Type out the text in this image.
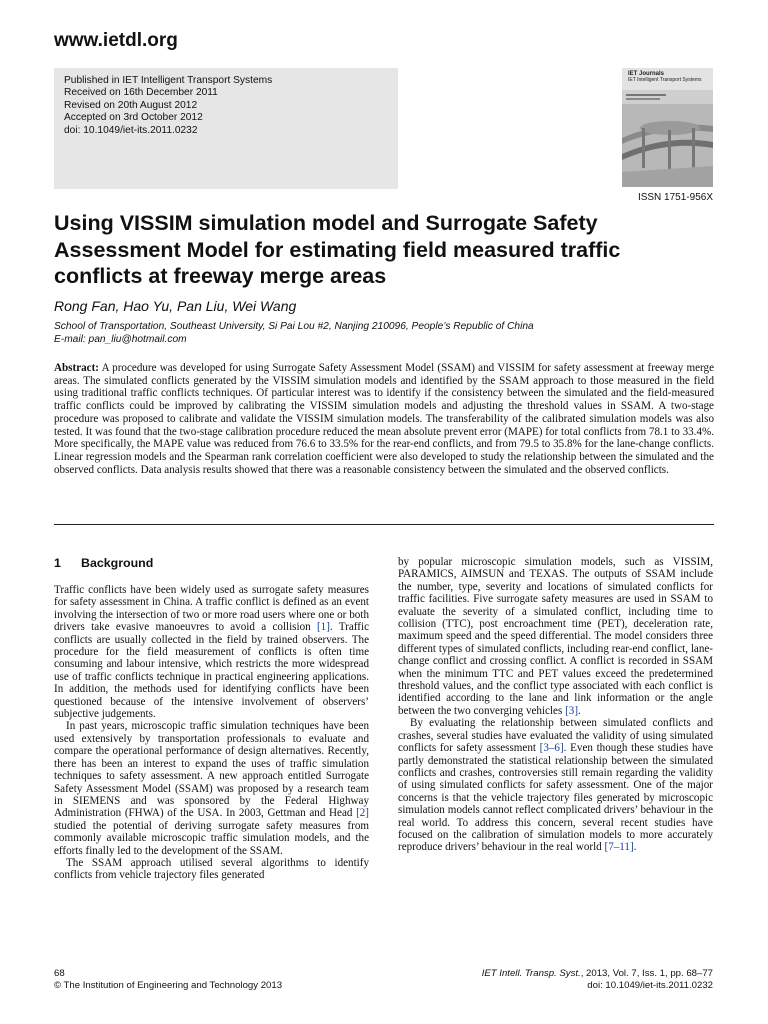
www.ietdl.org
Published in IET Intelligent Transport Systems
Received on 16th December 2011
Revised on 20th August 2012
Accepted on 3rd October 2012
doi: 10.1049/iet-its.2011.0232
IET Journals
IET Intelligent Transport Systems
ISSN 1751-956X
Using VISSIM simulation model and Surrogate Safety Assessment Model for estimating field measured traffic conflicts at freeway merge areas
Rong Fan, Hao Yu, Pan Liu, Wei Wang
School of Transportation, Southeast University, Si Pai Lou #2, Nanjing 210096, People’s Republic of China
E-mail: pan_liu@hotmail.com

Abstract: A procedure was developed for using Surrogate Safety Assessment Model (SSAM) and VISSIM for safety assessment at freeway merge areas. The simulated conflicts generated by the VISSIM simulation models and identified by the SSAM approach to those measured in the field using traditional traffic conflicts techniques. Of particular interest was to identify if the consistency between the simulated and the field-measured traffic conflicts could be improved by calibrating the VISSIM simulation models and adjusting the threshold values in SSAM. A two-stage procedure was proposed to calibrate and validate the VISSIM simulation models. The transferability of the calibrated simulation models was also tested. It was found that the two-stage calibration procedure reduced the mean absolute prevent error (MAPE) for total conflicts from 78.1 to 33.4%. More specifically, the MAPE value was reduced from 76.6 to 33.5% for the rear-end conflicts, and from 79.5 to 35.8% for the lane-change conflicts. Linear regression models and the Spearman rank correlation coefficient were also developed to study the relationship between the simulated and the observed conflicts. Data analysis results showed that there was a reasonable consistency between the simulated and the observed conflicts.

1 Background

Traffic conflicts have been widely used as surrogate safety measures for safety assessment in China. A traffic conflict is defined as an event involving the intersection of two or more road users where one or both drivers take evasive manoeuvres to avoid a collision [1]. Traffic conflicts are usually collected in the field by trained observers. The procedure for the field measurement of conflicts is often time consuming and labour intensive, which restricts the more widespread use of traffic conflicts technique in practical engineering applications. In addition, the methods used for identifying conflicts have been questioned because of the intensive involvement of observers’ subjective judgements.

In past years, microscopic traffic simulation techniques have been used extensively by transportation professionals to evaluate and compare the operational performance of design alternatives. Recently, there has been an interest to expand the uses of traffic simulation techniques to safety assessment. A new approach entitled Surrogate Safety Assessment Model (SSAM) was proposed by a research team in SIEMENS and was sponsored by the Federal Highway Administration (FHWA) of the USA. In 2003, Gettman and Head [2] studied the potential of deriving surrogate safety measures from commonly available microscopic traffic simulation models, and the efforts finally led to the development of the SSAM.

The SSAM approach utilised several algorithms to identify conflicts from vehicle trajectory files generated

by popular microscopic simulation models, such as VISSIM, PARAMICS, AIMSUN and TEXAS. The outputs of SSAM include the number, type, severity and locations of simulated conflicts for traffic facilities. Five surrogate safety measures are used in SSAM to evaluate the severity of a simulated conflict, including time to collision (TTC), post encroachment time (PET), deceleration rate, maximum speed and the speed differential. The model considers three different types of simulated conflicts, including rear-end conflict, lane-change conflict and crossing conflict. A conflict is recorded in SSAM when the minimum TTC and PET values exceed the predetermined threshold values, and the conflict type associated with each conflict is identified according to the lane and link information or the angle between the two converging vehicles [3].

By evaluating the relationship between simulated conflicts and crashes, several studies have evaluated the validity of using simulated conflicts for safety assessment [3–6]. Even though these studies have partly demonstrated the statistical relationship between the simulated conflicts and crashes, controversies still remain regarding the validity of using simulated conflicts for safety assessment. One of the major concerns is that the vehicle trajectory files generated by microscopic simulation models cannot reflect complicated drivers’ behaviour in the real world. To address this concern, several recent studies have focused on the calibration of simulation models to more accurately reproduce drivers’ behaviour in the real world [7–11].

68
© The Institution of Engineering and Technology 2013
IET Intell. Transp. Syst., 2013, Vol. 7, Iss. 1, pp. 68–77
doi: 10.1049/iet-its.2011.0232
